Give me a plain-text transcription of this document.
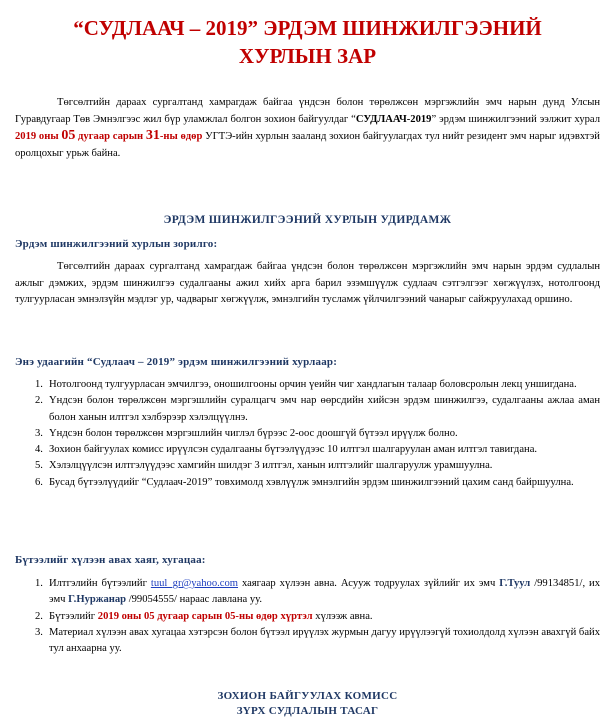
“СУДЛААЧ – 2019” ЭРДЭМ ШИНЖИЛГЭЭНИЙ
ХУРЛЫН ЗАР

Төгсөлтийн дараах сургалтанд хамрагдаж байгаа үндсэн болон төрөлжсөн мэргэжлийн эмч нарын дунд Улсын Гуравдугаар Төв Эмнэлгээс жил бүр уламжлал болгон зохион байгуулдаг “СУДЛААЧ-2019” эрдэм шинжилгээний ээлжит хурал 2019 оны 05 дугаар сарын 31-ны өдөр УГТЭ-ийн хурлын зааланд зохион байгуулагдах тул нийт резидент эмч нарыг идэвхтэй оролцохыг урьж байна.

ЭРДЭМ ШИНЖИЛГЭЭНИЙ ХУРЛЫН УДИРДАМЖ
Эрдэм шинжилгээний хурлын зорилго:

Төгсөлтийн дараах сургалтанд хамрагдаж байгаа үндсэн болон төрөлжсөн мэргэжлийн эмч нарын эрдэм судлалын ажлыг дэмжих, эрдэм шинжилгээ судалгааны ажил хийх арга барил эзэмшүүлж судлаач сэтгэлгээг хөгжүүлэх, нотолгоонд тулгуурласан эмнэлзүйн мэдлэг ур, чадварыг хөгжүүлж, эмнэлгийн тусламж үйлчилгээний чанарыг сайжруулахад оршино.

Энэ удаагийн “Судлаач – 2019” эрдэм шинжилгээний хурлаар:
1. Нотолгоонд тулгуурласан эмчилгээ, оношилгооны орчин үеийн чиг хандлагын талаар боловсролын лекц уншигдана.
2. Үндсэн болон төрөлжсөн мэргэшлийн суралцагч эмч нар өөрсдийн хийсэн эрдэм шинжилгээ, судалгааны ажлаа аман болон ханын илтгэл хэлбэрээр хэлэлцүүлнэ.
3. Үндсэн болон төрөлжсөн мэргэшлийн чиглэл бүрээс 2-оос доошгүй бүтээл ирүүлж болно.
4. Зохион байгуулах комисс ирүүлсэн судалгааны бүтээлүүдээс 10 илтгэл шалгаруулан аман илтгэл тавигдана.
5. Хэлэлцүүлсэн илтгэлүүдээс хамгийн шилдэг 3 илтгэл, ханын илтгэлийг шалгаруулж урамшуулна.
6. Бусад бүтээлүүдийг “Судлаач-2019” товхимолд хэвлүүлж эмнэлгийн эрдэм шинжилгээний цахим санд байршуулна.
Бүтээлийг хүлээн авах хаяг, хугацаа:
1. Илтгэлийн бүтээлийг tuul_gr@yahoo.com хаягаар хүлээн авна. Асууж тодруулах зүйлийг их эмч Г.Туул /99134851/, их эмч Г.Нуржанар /99054555/ нараас лавлана уу.
2. Бүтээлийг 2019 оны 05 дугаар сарын 05-ны өдөр хүртэл хүлээж авна.
3. Материал хүлээн авах хугацаа хэтэрсэн болон бүтээл ирүүлэх журмын дагуу ирүүлээгүй тохиолдолд хүлээн авахгүй байх тул анхаарна уу.
ЗОХИОН БАЙГУУЛАХ КОМИСС
ЗҮРХ СУДЛАЛЫН ТАСАГ
